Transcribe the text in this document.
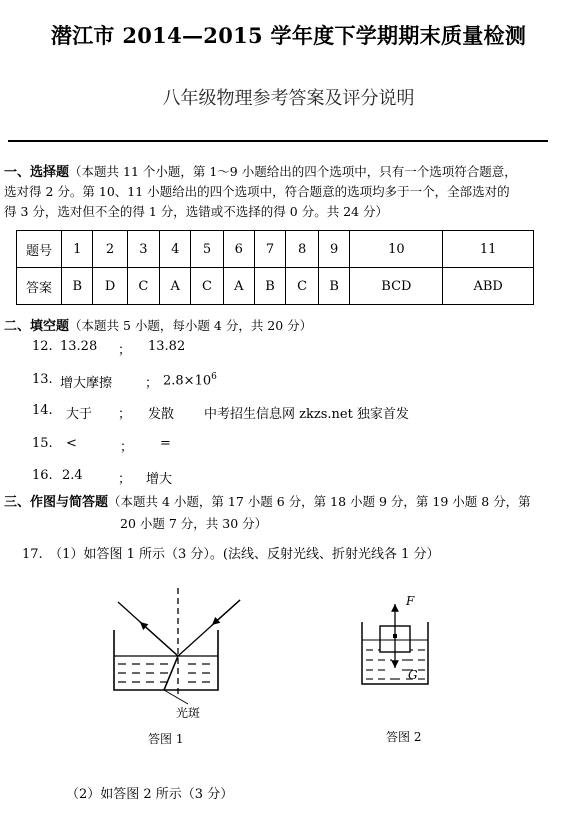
潜江市 2014—2015 学年度下学期期末质量检测
八年级物理参考答案及评分说明
一、选择题（本题共 11 个小题，第 1～9 小题给出的四个选项中，只有一个选项符合题意，
选对得 2 分。第 10、11 小题给出的四个选项中，符合题意的选项均多于一个，全部选对的
得 3 分，选对但不全的得 1 分，选错或不选择的得 0 分。共 24 分）
题号	1	2	3	4	5	6	7	8	9	10	11
答案	B	D	C	A	C	A	B	C	B	BCD	ABD
二、填空题（本题共 5 小题，每小题 4 分，共 20 分）
12. 13.28 ； 13.82
13. 增大摩擦	； $2.8\times 10^6$
14. 大于 ； 发散 中考招生信息网 zkzs.net 独家首发
15. <	； =
16. 2.4	； 增大
三、作图与简答题（本题共 4 小题，第 17 小题 6 分，第 18 小题 9 分，第 19 小题 8 分，第
20 小题 7 分，共 30 分）
17.　（1）如答图 1 所示（3 分）。(法线、反射光线、折射光线各 1 分）
光斑
答图 1
F
G
答图 2
（2）如答图 2 所示（3 分）
